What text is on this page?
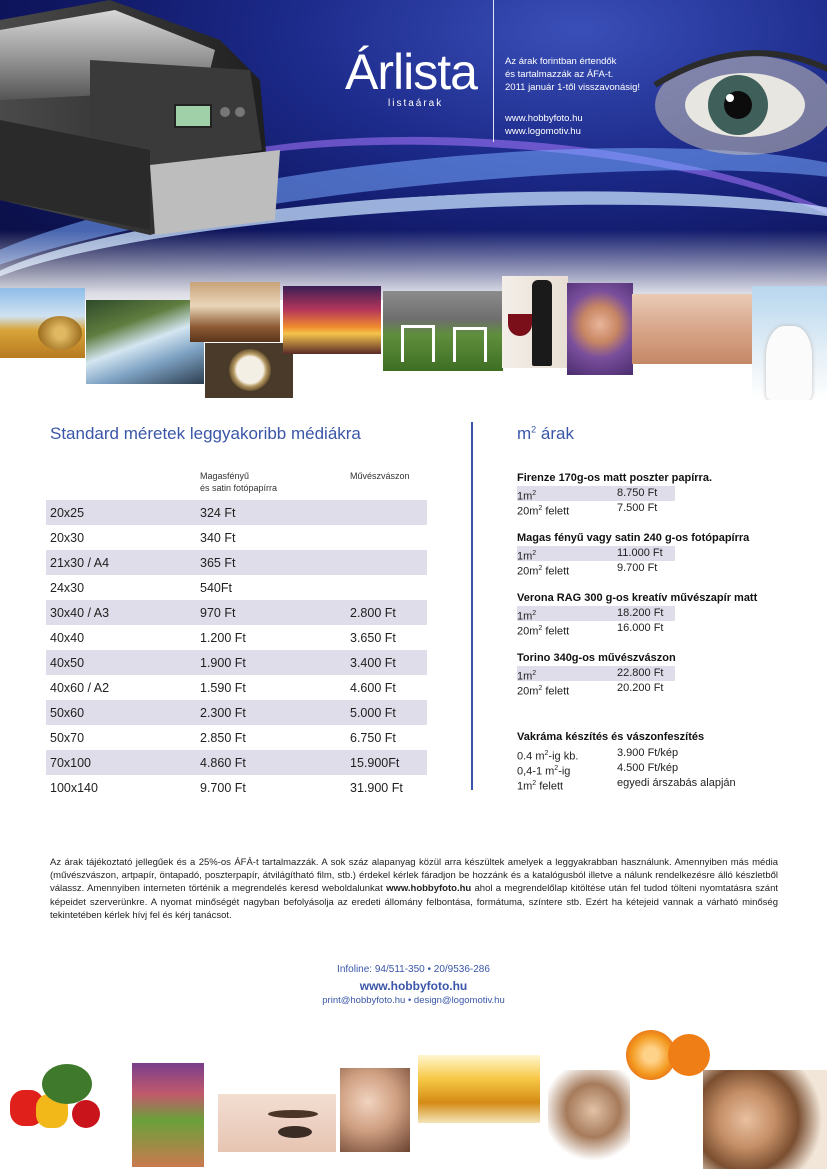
Árlista
listaárak
Az árak forintban értendők
és tartalmazzák az ÁFA-t.
2011 január 1-től visszavonásig!
www.hobbyfoto.hu
www.logomotiv.hu
Standard méretek leggyakoribb médiákra
Magasfényű
és satin fotópapírra
Művészvászon
20x25	324 Ft	
20x30	340 Ft	
21x30 / A4	365 Ft	
24x30	540Ft	
30x40 / A3	970 Ft	2.800 Ft
40x40	1.200 Ft	3.650 Ft
40x50	1.900 Ft	3.400 Ft
40x60 / A2	1.590 Ft	4.600 Ft
50x60	2.300 Ft	5.000 Ft
50x70	2.850 Ft	6.750 Ft
70x100	4.860 Ft	15.900Ft
100x140	9.700 Ft	31.900 Ft
$m^2$ árak
Firenze 170g-os matt poszter papírra.
$1m^2$	8.750 Ft
$20m^2$ felett	7.500 Ft
Magas fényű vagy satin 240 g-os fotópapírra
$1m^2$	11.000 Ft
$20m^2$ felett	9.700 Ft
Verona RAG 300 g-os kreatív művészapír matt
$1m^2$	18.200 Ft
$20m^2$ felett	16.000 Ft
Torino 340g-os művészvászon
$1m^2$	22.800 Ft
$20m^2$ felett	20.200 Ft
Vakráma készítés és vászonfeszítés
0.4 $m^2-ig$ kb.	3.900 Ft/kép
0,4-1 $m^2-ig$	4.500 Ft/kép
$1m^2$ felett	egyedi árszabás alapján

Az árak tájékoztató jellegűek és a 25%-os ÁFÁ-t tartalmazzák. A sok száz alapanyag közül arra készültek amelyek a leggyakrabban használunk. Amennyiben más média (művészvászon, artpapír, öntapadó, poszterpapír, átvilágítható film, stb.) érdekel kérlek fáradjon be hozzánk és a katalógusból illetve a nálunk rendelkezésre álló készletből válassz. Amennyiben interneten történik a megrendelés keresd weboldalunkat www.hobbyfoto.hu ahol a megrendelőlap kitöltése után fel tudod tölteni nyomtatásra szánt képeidet szerverünkre. A nyomat minőségét nagyban befolyásolja az eredeti állomány felbontása, formátuma, színtere stb. Ezért ha kétejeid vannak a várható minőség tekintetében kérlek hívj fel és kérj tanácsot.

Infoline: 94/511-350 • 20/9536-286
www.hobbyfoto.hu
print@hobbyfoto.hu • design@logomotiv.hu
